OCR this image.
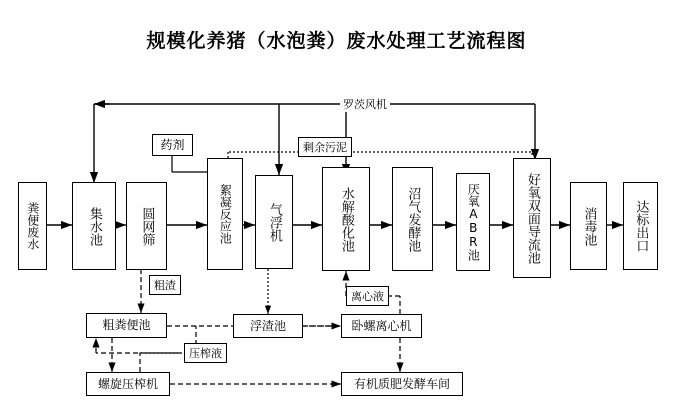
规模化养猪（水泡粪）废水处理工艺流程图
粪便废水	集水池	圆网筛
药剂
絮凝反应池	气浮机	水解酸化池	沼气发酵池	厌氧ABR池	好氧双面导流池	消毒池	达标出口
粗粪便池	浮渣池	卧螺离心机
螺旋压榨机	有机质肥发酵车间
罗茨风机
剩余污泥
粗渣
离心液
压榨液
